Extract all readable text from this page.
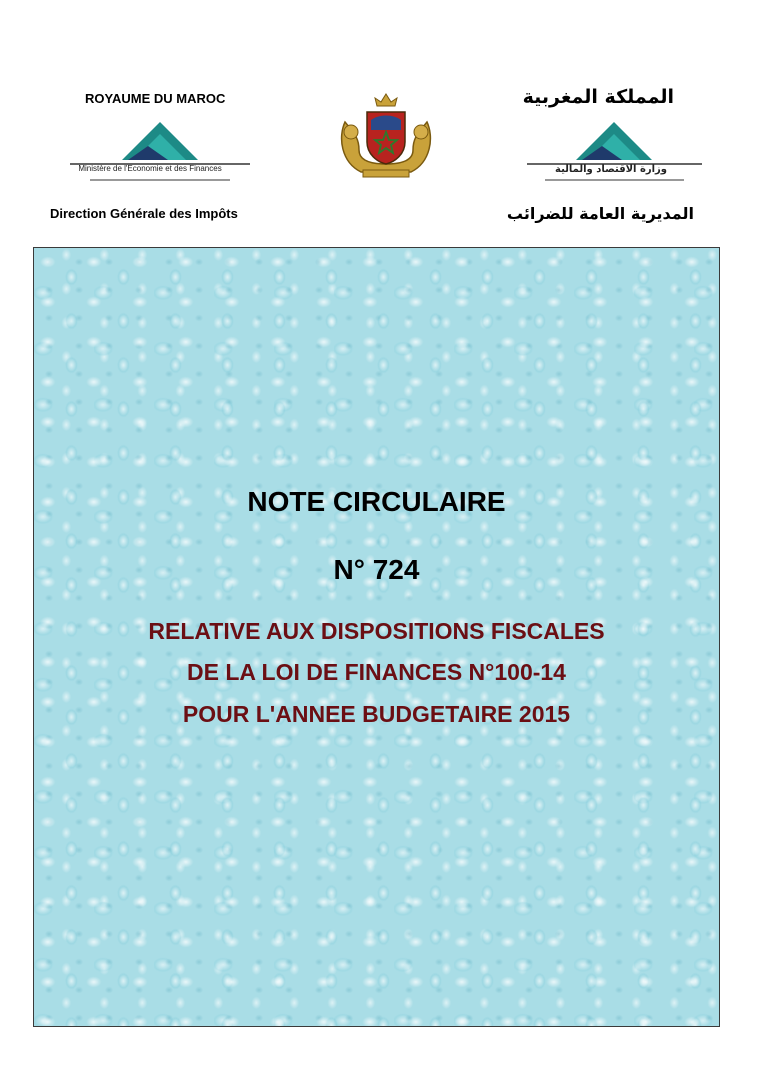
ROYAUME DU MAROC	المملكة المغربية
Ministère de l'Economie et des Finances	وزارة الاقتصاد والمالية
Direction Générale des Impôts	المديرية العامة للضرائب
NOTE CIRCULAIRE
N° 724
RELATIVE AUX DISPOSITIONS FISCALES
DE LA LOI DE FINANCES N°100-14
POUR L'ANNEE BUDGETAIRE 2015
